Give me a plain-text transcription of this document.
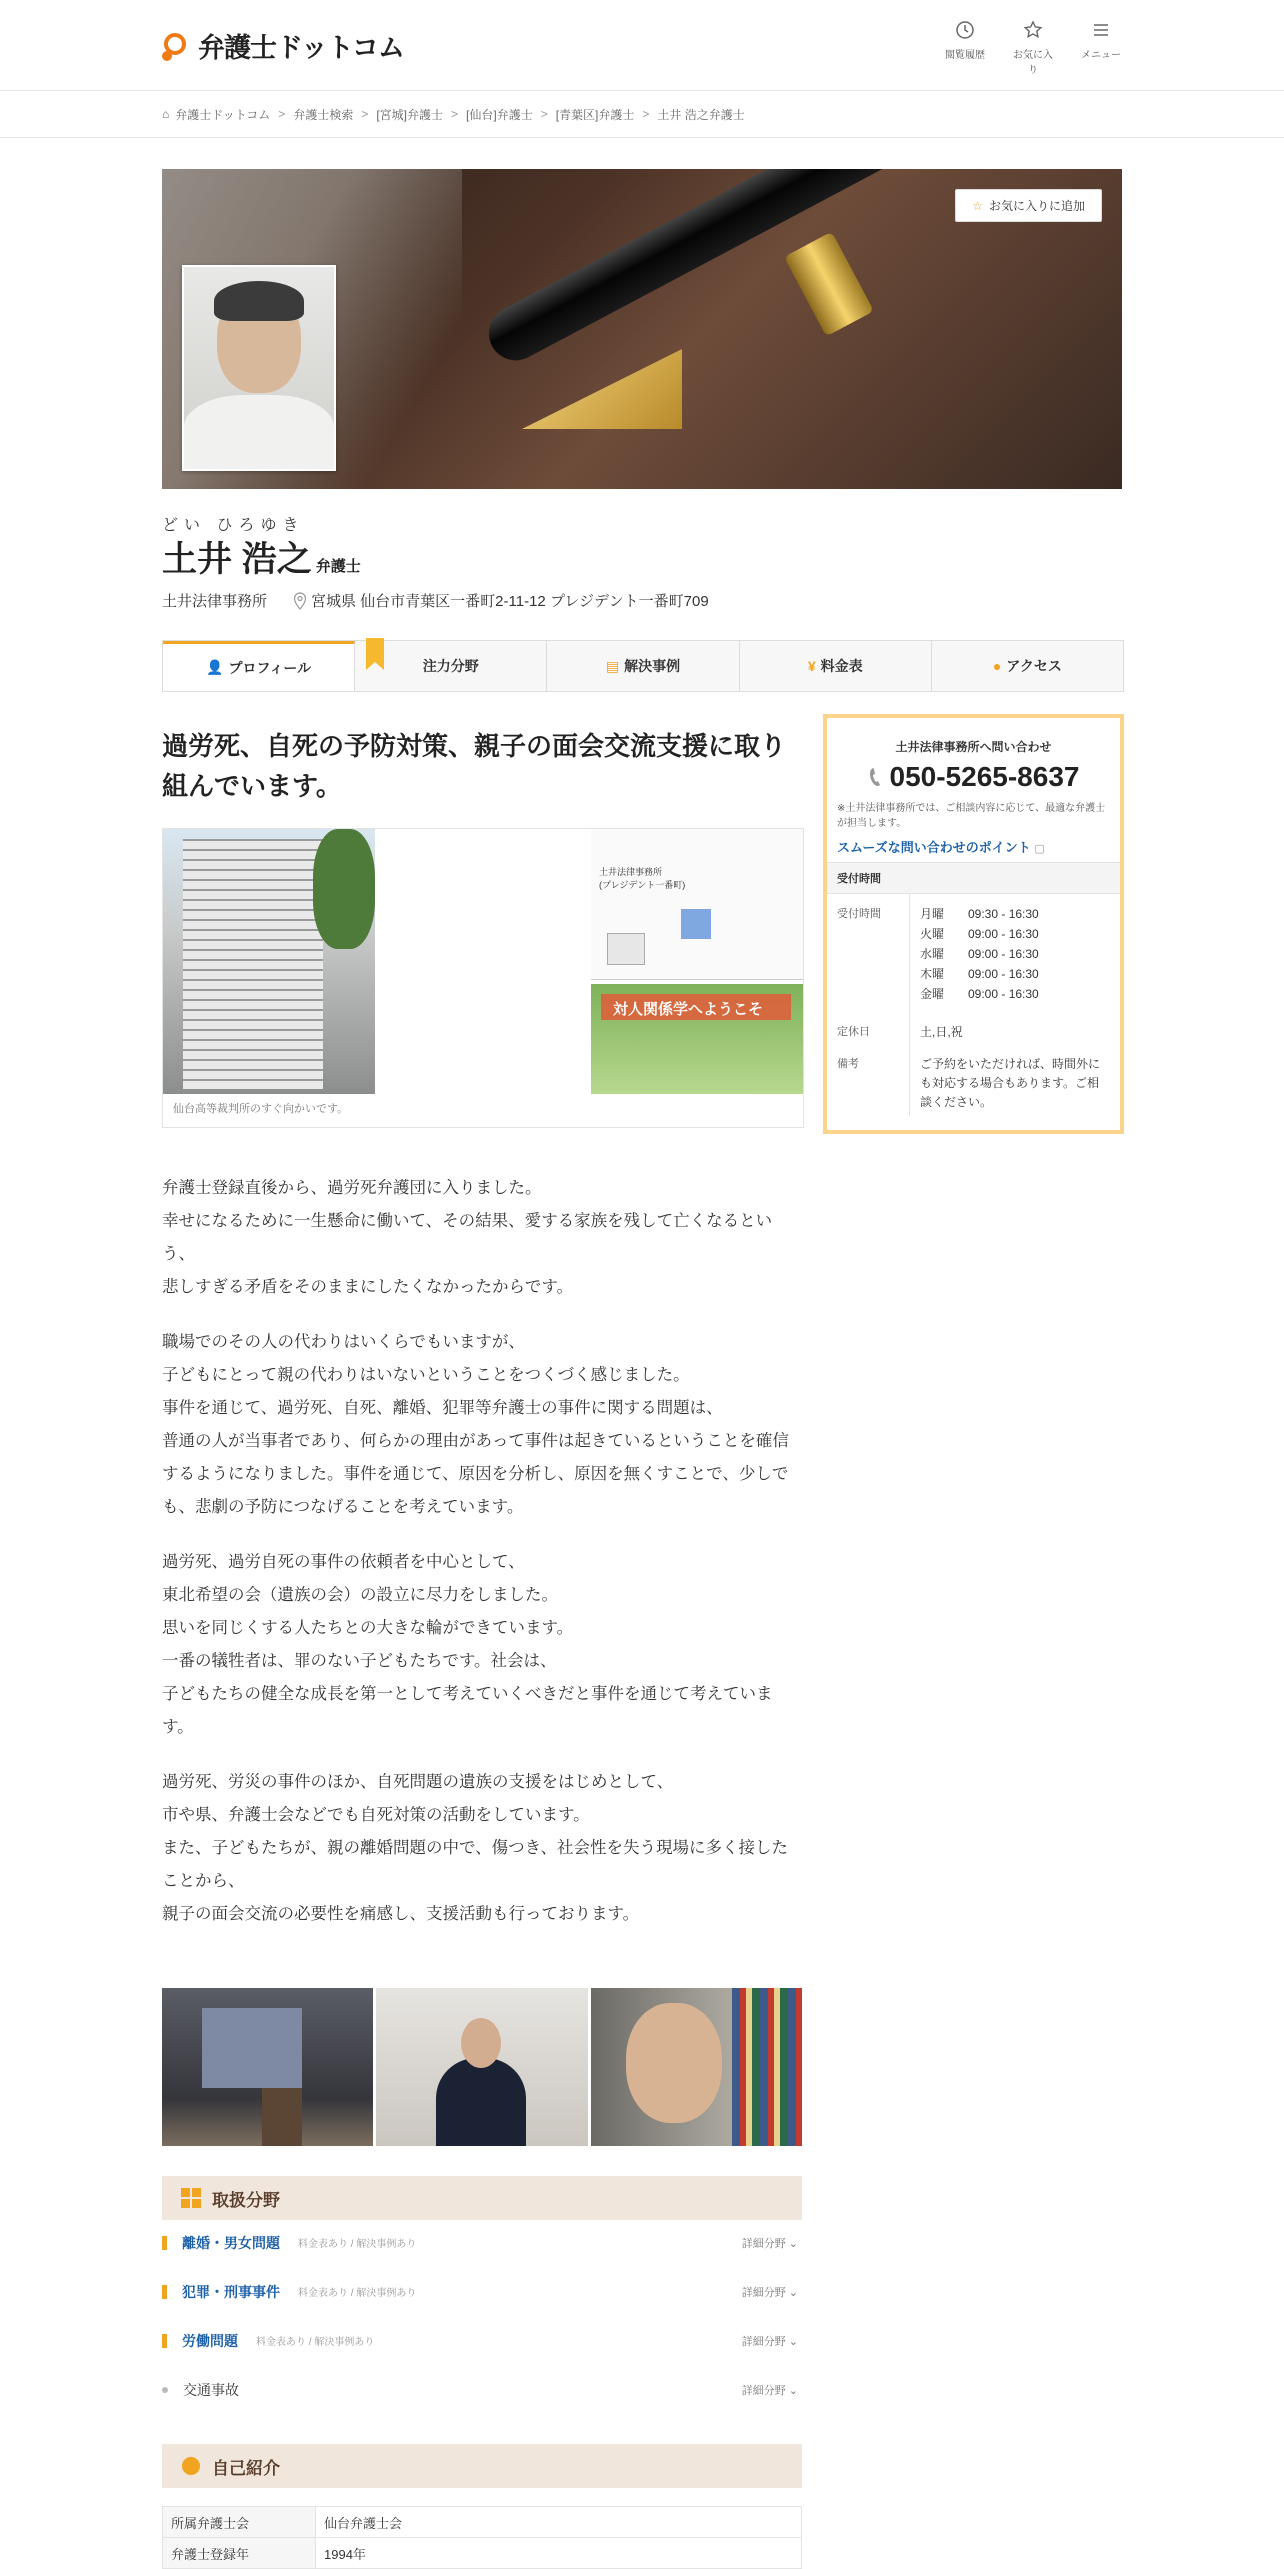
弁護士ドットコム	閲覧履歴	お気に入り
メニュー
⌂ 弁護士ドットコム > 弁護士検索 > [宮城]弁護士 > [仙台]弁護士 > [青葉区]弁護士 > 土井 浩之弁護士
☆ お気に入りに追加
どい ひろゆき
土井 浩之 弁護士
土井法律事務所	宮城県 仙台市青葉区一番町2-11-12 プレジデント一番町709
👤 プロフィール	注力分野	▤ 解決事例	¥ 料金表	● アクセス
過労死、自死の予防対策、親子の面会交流支援に取り組んでいます。
土井法律事務所
(プレジデント一番町)
対人関係学へようこそ
仙台高等裁判所のすぐ向かいです。
土井法律事務所へ問い合わせ
050-5265-8637
※土井法律事務所では、ご相談内容に応じて、最適な弁護士が担当します。
スムーズな問い合わせのポイント ▢
受付時間
受付時間	月曜 09:30 - 16:30
火曜 09:00 - 16:30
水曜 09:00 - 16:30
木曜 09:00 - 16:30
金曜 09:00 - 16:30

定休日	土,日,祝
備考	ご予約をいただければ、時間外にも対応する場合もあります。ご相談ください。

弁護士登録直後から、過労死弁護団に入りました。
幸せになるために一生懸命に働いて、その結果、愛する家族を残して亡くなるという、
悲しすぎる矛盾をそのままにしたくなかったからです。

職場でのその人の代わりはいくらでもいますが、
子どもにとって親の代わりはいないということをつくづく感じました。
事件を通じて、過労死、自死、離婚、犯罪等弁護士の事件に関する問題は、
普通の人が当事者であり、何らかの理由があって事件は起きているということを確信するようになりました。事件を通じて、原因を分析し、原因を無くすことで、少しでも、悲劇の予防につなげることを考えています。

過労死、過労自死の事件の依頼者を中心として、
東北希望の会（遺族の会）の設立に尽力をしました。
思いを同じくする人たちとの大きな輪ができています。
一番の犠牲者は、罪のない子どもたちです。社会は、
子どもたちの健全な成長を第一として考えていくべきだと事件を通じて考えています。

過労死、労災の事件のほか、自死問題の遺族の支援をはじめとして、
市や県、弁護士会などでも自死対策の活動をしています。
また、子どもたちが、親の離婚問題の中で、傷つき、社会性を失う現場に多く接したことから、
親子の面会交流の必要性を痛感し、支援活動も行っております。

取扱分野
離婚・男女問題 料金表あり / 解決事例あり	詳細分野 ⌄
犯罪・刑事事件 料金表あり / 解決事例あり	詳細分野 ⌄
労働問題 料金表あり / 解決事例あり	詳細分野 ⌄
交通事故	詳細分野 ⌄
自己紹介
所属弁護士会	仙台弁護士会
弁護士登録年	1994年
